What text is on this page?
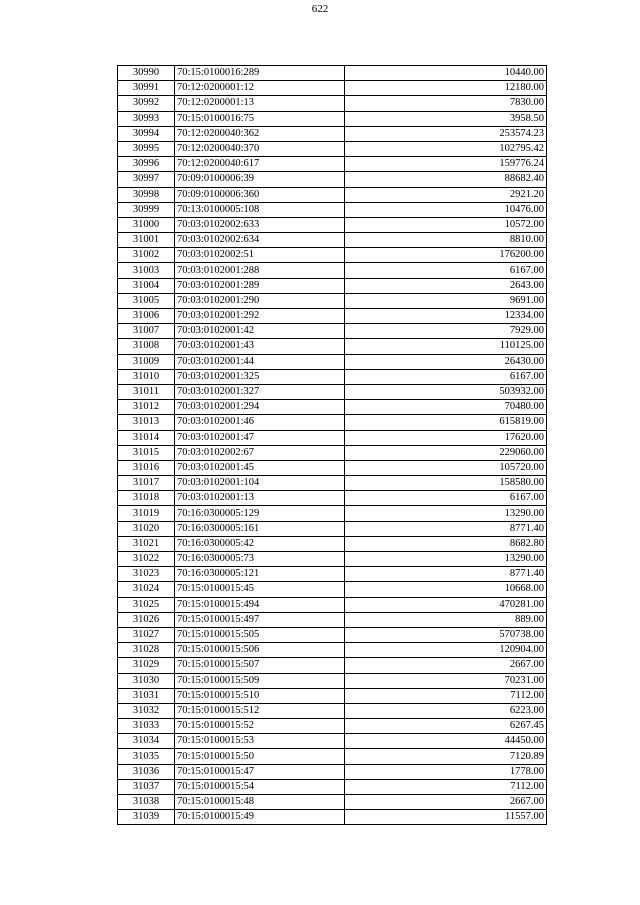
622
30990	70:15:0100016:289	10440.00
30991	70:12:0200001:12	12180.00
30992	70:12:0200001:13	7830.00
30993	70:15:0100016:75	3958.50
30994	70:12:0200040:362	253574.23
30995	70:12:0200040:370	102795.42
30996	70:12:0200040:617	159776.24
30997	70:09:0100006:39	88682.40
30998	70:09:0100006:360	2921.20
30999	70:13:0100005:108	10476.00
31000	70:03:0102002:633	10572.00
31001	70:03:0102002:634	8810.00
31002	70:03:0102002:51	176200.00
31003	70:03:0102001:288	6167.00
31004	70:03:0102001:289	2643.00
31005	70:03:0102001:290	9691.00
31006	70:03:0102001:292	12334.00
31007	70:03:0102001:42	7929.00
31008	70:03:0102001:43	110125.00
31009	70:03:0102001:44	26430.00
31010	70:03:0102001:325	6167.00
31011	70:03:0102001:327	503932.00
31012	70:03:0102001:294	70480.00
31013	70:03:0102001:46	615819.00
31014	70:03:0102001:47	17620.00
31015	70:03:0102002:67	229060.00
31016	70:03:0102001:45	105720.00
31017	70:03:0102001:104	158580.00
31018	70:03:0102001:13	6167.00
31019	70:16:0300005:129	13290.00
31020	70:16:0300005:161	8771.40
31021	70:16:0300005:42	8682.80
31022	70:16:0300005:73	13290.00
31023	70:16:0300005:121	8771.40
31024	70:15:0100015:45	10668.00
31025	70:15:0100015:494	470281.00
31026	70:15:0100015:497	889.00
31027	70:15:0100015:505	570738.00
31028	70:15:0100015:506	120904.00
31029	70:15:0100015:507	2667.00
31030	70:15:0100015:509	70231.00
31031	70:15:0100015:510	7112.00
31032	70:15:0100015:512	6223.00
31033	70:15:0100015:52	6267.45
31034	70:15:0100015:53	44450.00
31035	70:15:0100015:50	7120.89
31036	70:15:0100015:47	1778.00
31037	70:15:0100015:54	7112.00
31038	70:15:0100015:48	2667.00
31039	70:15:0100015:49	11557.00
